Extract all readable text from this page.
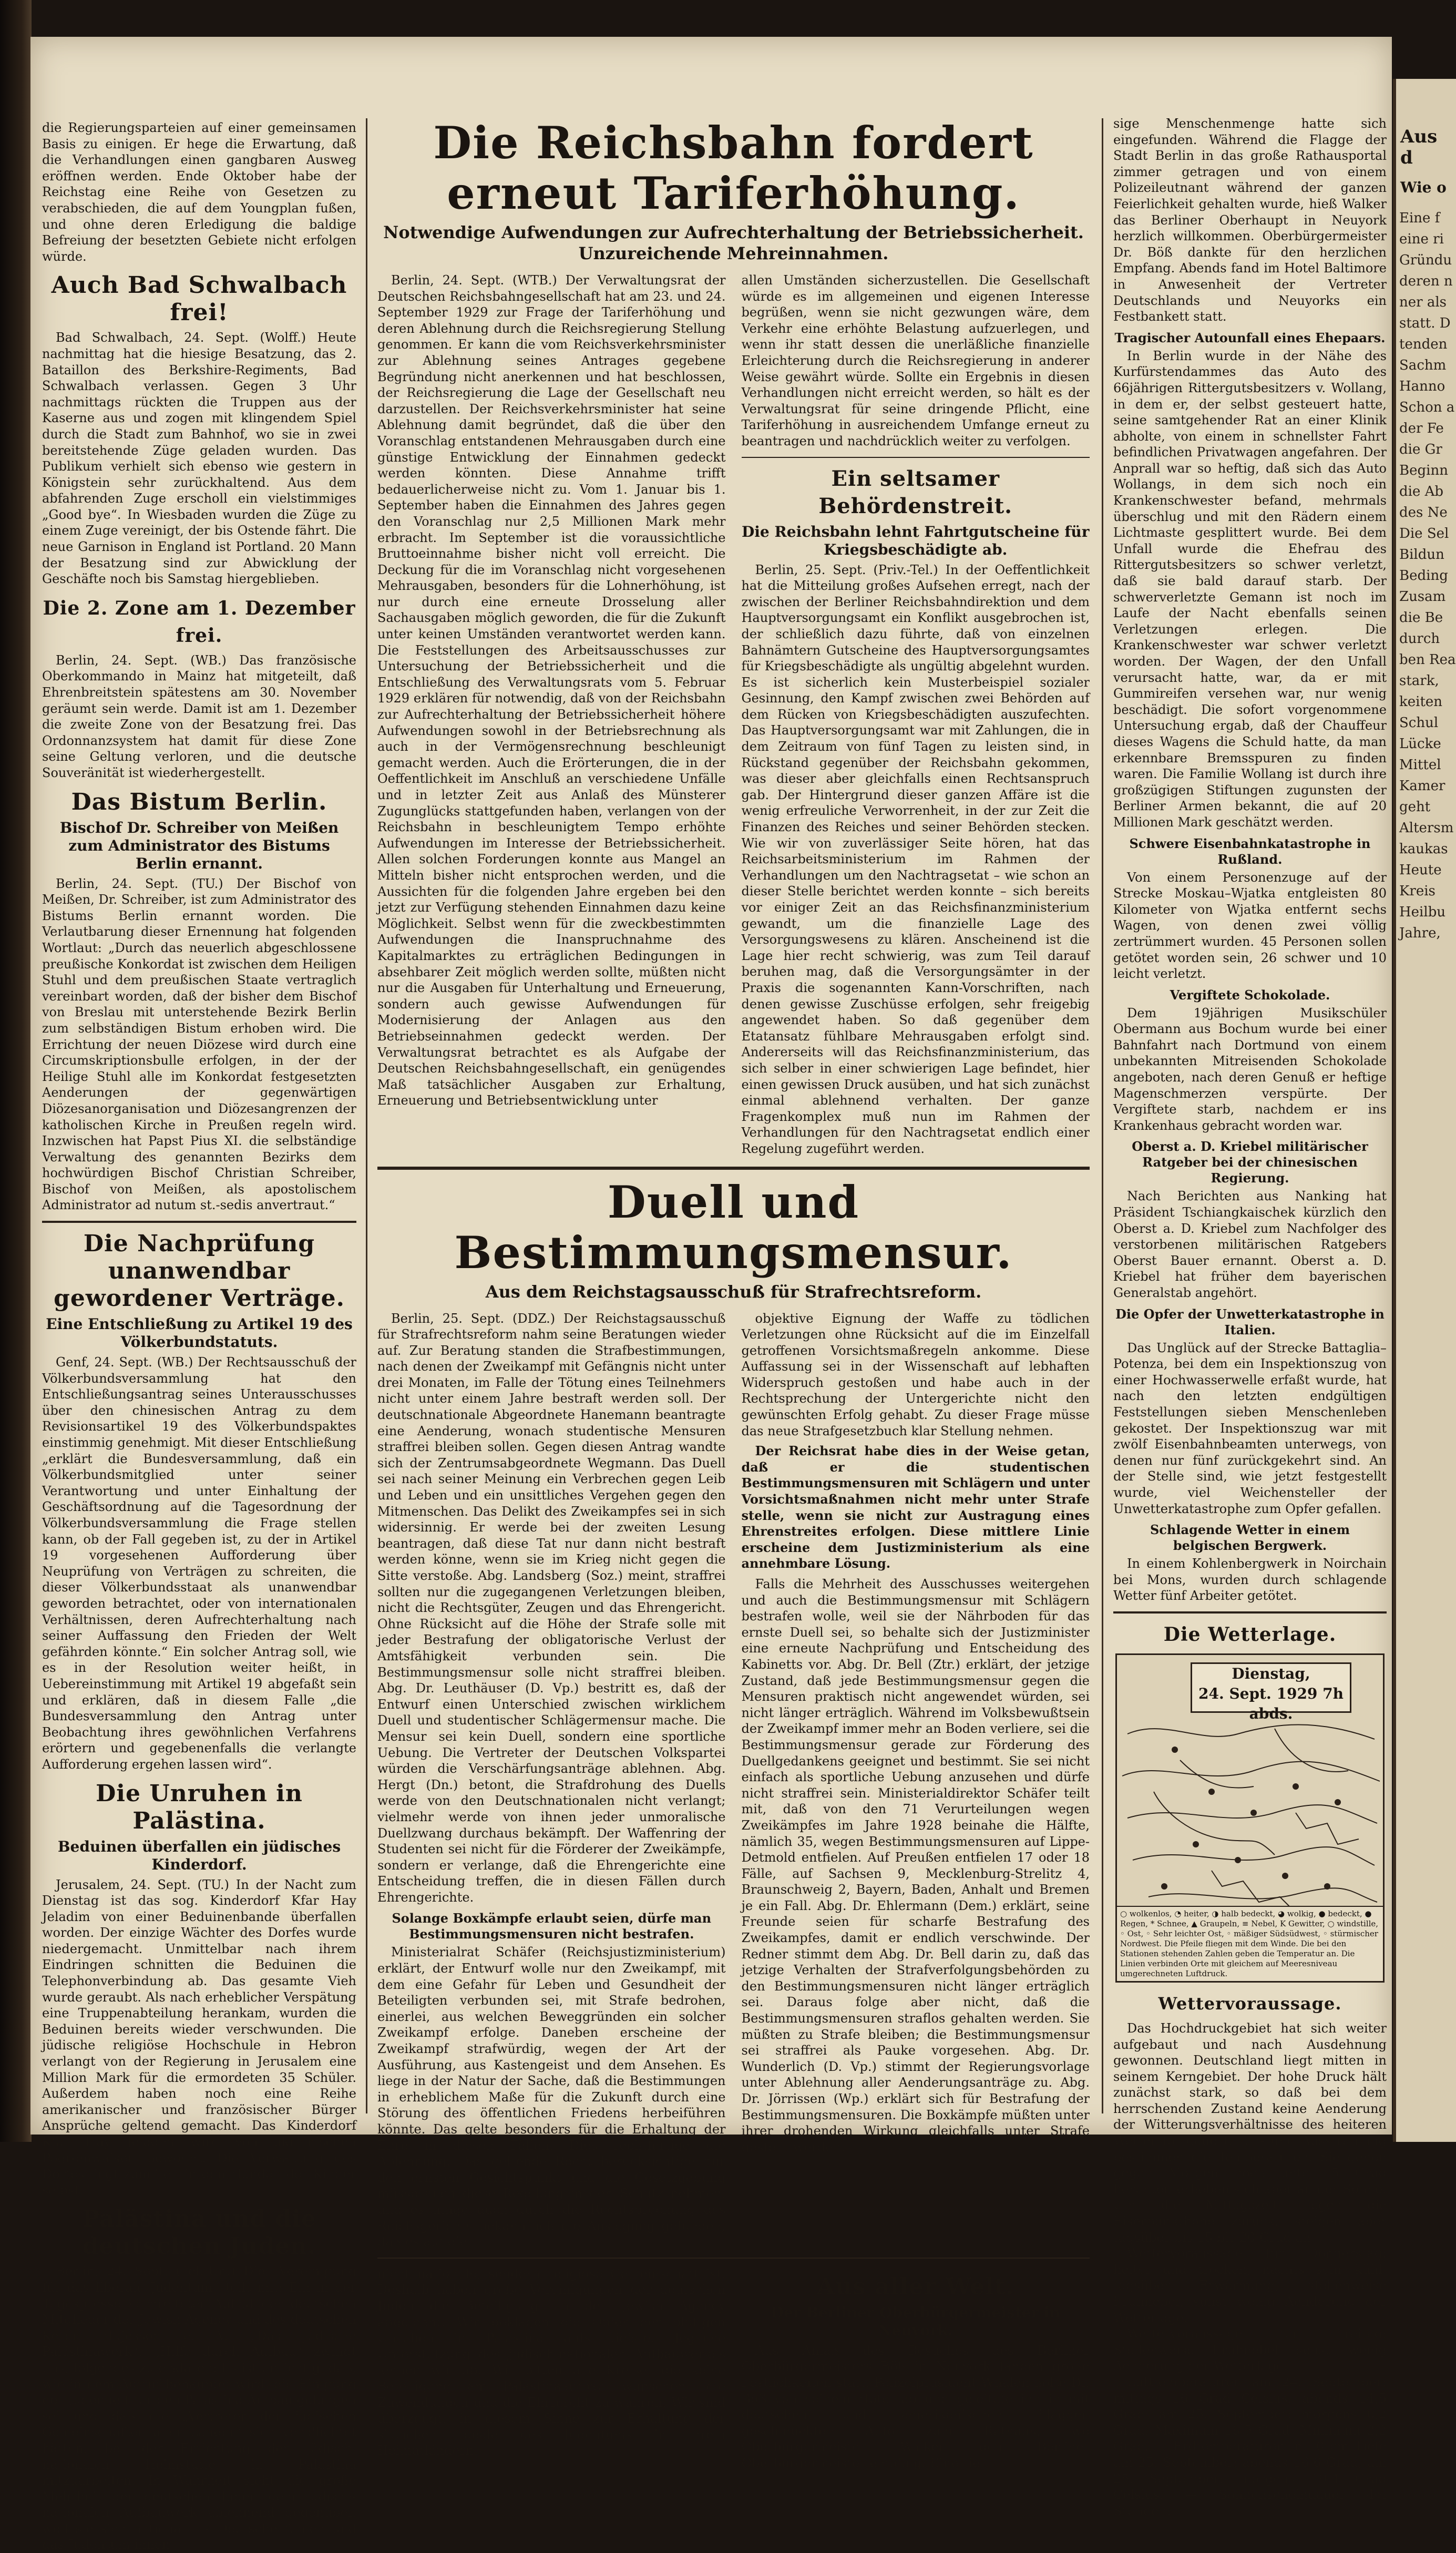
die Regierungsparteien auf einer gemeinsamen Basis zu einigen. Er hege die Erwartung, daß die Verhandlungen einen gangbaren Ausweg eröffnen werden. Ende Oktober habe der Reichstag eine Reihe von Gesetzen zu verabschieden, die auf dem Youngplan fußen, und ohne deren Erledigung die baldige Befreiung der besetzten Gebiete nicht erfolgen würde.

Auch Bad Schwalbach frei!

Bad Schwalbach, 24. Sept. (Wolff.) Heute nachmittag hat die hiesige Besatzung, das 2. Bataillon des Berkshire-Regiments, Bad Schwalbach verlassen. Gegen 3 Uhr nachmittags rückten die Truppen aus der Kaserne aus und zogen mit klingendem Spiel durch die Stadt zum Bahnhof, wo sie in zwei bereitstehende Züge geladen wurden. Das Publikum verhielt sich ebenso wie gestern in Königstein sehr zurückhaltend. Aus dem abfahrenden Zuge erscholl ein vielstimmiges „Good bye“. In Wiesbaden wurden die Züge zu einem Zuge vereinigt, der bis Ostende fährt. Die neue Garnison in England ist Portland. 20 Mann der Besatzung sind zur Abwicklung der Geschäfte noch bis Samstag hiergeblieben.

Die 2. Zone am 1. Dezember frei.

Berlin, 24. Sept. (WB.) Das französische Oberkommando in Mainz hat mitgeteilt, daß Ehrenbreitstein spätestens am 30. November geräumt sein werde. Damit ist am 1. Dezember die zweite Zone von der Besatzung frei. Das Ordonnanzsystem hat damit für diese Zone seine Geltung verloren, und die deutsche Souveränität ist wiederhergestellt.

Das Bistum Berlin.
Bischof Dr. Schreiber von Meißen zum Administrator des Bistums Berlin ernannt.

Berlin, 24. Sept. (TU.) Der Bischof von Meißen, Dr. Schreiber, ist zum Administrator des Bistums Berlin ernannt worden. Die Verlautbarung dieser Ernennung hat folgenden Wortlaut: „Durch das neuerlich abgeschlossene preußische Konkordat ist zwischen dem Heiligen Stuhl und dem preußischen Staate vertraglich vereinbart worden, daß der bisher dem Bischof von Breslau mit unterstehende Bezirk Berlin zum selbständigen Bistum erhoben wird. Die Errichtung der neuen Diözese wird durch eine Circumskriptionsbulle erfolgen, in der der Heilige Stuhl alle im Konkordat festgesetzten Aenderungen der gegenwärtigen Diözesanorganisation und Diözesangrenzen der katholischen Kirche in Preußen regeln wird. Inzwischen hat Papst Pius XI. die selbständige Verwaltung des genannten Bezirks dem hochwürdigen Bischof Christian Schreiber, Bischof von Meißen, als apostolischem Administrator ad nutum st.-sedis anvertraut.“

Die Nachprüfung unanwendbar gewordener Verträge.
Eine Entschließung zu Artikel 19 des Völkerbundstatuts.

Genf, 24. Sept. (WB.) Der Rechtsausschuß der Völkerbundsversammlung hat den Entschließungsantrag seines Unterausschusses über den chinesischen Antrag zu dem Revisionsartikel 19 des Völkerbundspaktes einstimmig genehmigt. Mit dieser Entschließung „erklärt die Bundesversammlung, daß ein Völkerbundsmitglied unter seiner Verantwortung und unter Einhaltung der Geschäftsordnung auf die Tagesordnung der Völkerbundsversammlung die Frage stellen kann, ob der Fall gegeben ist, zu der in Artikel 19 vorgesehenen Aufforderung über Neuprüfung von Verträgen zu schreiten, die dieser Völkerbundsstaat als unanwendbar geworden betrachtet, oder von internationalen Verhältnissen, deren Aufrechterhaltung nach seiner Auffassung den Frieden der Welt gefährden könnte.“ Ein solcher Antrag soll, wie es in der Resolution weiter heißt, in Uebereinstimmung mit Artikel 19 abgefaßt sein und erklären, daß in diesem Falle „die Bundesversammlung den Antrag unter Beobachtung ihres gewöhnlichen Verfahrens erörtern und gegebenenfalls die verlangte Aufforderung ergehen lassen wird“.

Die Unruhen in Palästina.
Beduinen überfallen ein jüdisches Kinderdorf.

Jerusalem, 24. Sept. (TU.) In der Nacht zum Dienstag ist das sog. Kinderdorf Kfar Hay Jeladim von einer Beduinenbande überfallen worden. Der einzige Wächter des Dorfes wurde niedergemacht. Unmittelbar nach ihrem Eindringen schnitten die Beduinen die Telephonverbindung ab. Das gesamte Vieh wurde geraubt. Als nach erheblicher Verspätung eine Truppenabteilung herankam, wurden die Beduinen bereits wieder verschwunden. Die jüdische religiöse Hochschule in Hebron verlangt von der Regierung in Jerusalem eine Million Mark für die ermordeten 35 Schüler. Außerdem haben noch eine Reihe amerikanischer und französischer Bürger Ansprüche geltend gemacht. Das Kinderdorf Kfar Hay Jeladim wird von ukrainischen Pogromwaisen bewohnt. Die Verwaltung des Dorfes liegt zum Teil in den Händen der Kinder selbst.

Palästina und die deutschen Juden.

Berlin, 24. Sept. (Tel.-Un.) Die „Vereinigung für das liberale Judentum“ teilt mit: Ein in der Tagespresse verbreiteter Aufruf der deutschen Mitglieder der Jewish Agency und des deutschen Keren Hajessod e. V. „Das jüdische Palästinawerk“, „Hilfe durch Aufbau“ zwingt uns, folgendes zu erklären: Es ist unrichtig, daß, wie in dem Aufruf behauptet wird, die Einigung der Judenheit für den Palästina-Aufbau gelungen sei und daß die „Vertreter der jüdischen Gemeinschaften aller Länder“ sich verpflichtet hätten, bei der Errichtung der jüdisch-nationalen Heimstätte in Palästina mitzuarbeiten. In Wahrheit sieht die große Mehrheit der deutschen Juden dem jüdisch-nationalen Aufbauwerk ablehnend gegenüber, weil sie sich national als Deutsche fühlen und das Judentum ihnen

Die Reichsbahn fordert erneut Tariferhöhung.

Notwendige Aufwendungen zur Aufrechterhaltung der Betriebssicherheit.

Unzureichende Mehreinnahmen.

Berlin, 24. Sept. (WTB.) Der Verwaltungsrat der Deutschen Reichsbahngesellschaft hat am 23. und 24. September 1929 zur Frage der Tariferhöhung und deren Ablehnung durch die Reichsregierung Stellung genommen. Er kann die vom Reichsverkehrsminister zur Ablehnung seines Antrages gegebene Begründung nicht anerkennen und hat beschlossen, der Reichsregierung die Lage der Gesellschaft neu darzustellen. Der Reichsverkehrsminister hat seine Ablehnung damit begründet, daß die über den Voranschlag entstandenen Mehrausgaben durch eine günstige Entwicklung der Einnahmen gedeckt werden könnten. Diese Annahme trifft bedauerlicherweise nicht zu. Vom 1. Januar bis 1. September haben die Einnahmen des Jahres gegen den Voranschlag nur 2,5 Millionen Mark mehr erbracht. Im September ist die voraussichtliche Bruttoeinnahme bisher nicht voll erreicht. Die Deckung für die im Voranschlag nicht vorgesehenen Mehrausgaben, besonders für die Lohnerhöhung, ist nur durch eine erneute Drosselung aller Sachausgaben möglich geworden, die für die Zukunft unter keinen Umständen verantwortet werden kann. Die Feststellungen des Arbeitsausschusses zur Untersuchung der Betriebssicherheit und die Entschließung des Verwaltungsrats vom 5. Februar 1929 erklären für notwendig, daß von der Reichsbahn zur Aufrechterhaltung der Betriebssicherheit höhere Aufwendungen sowohl in der Betriebsrechnung als auch in der Vermögensrechnung beschleunigt gemacht werden. Auch die Erörterungen, die in der Oeffentlichkeit im Anschluß an verschiedene Unfälle und in letzter Zeit aus Anlaß des Münsterer Zugunglücks stattgefunden haben, verlangen von der Reichsbahn in beschleunigtem Tempo erhöhte Aufwendungen im Interesse der Betriebssicherheit. Allen solchen Forderungen konnte aus Mangel an Mitteln bisher nicht entsprochen werden, und die Aussichten für die folgenden Jahre ergeben bei den jetzt zur Verfügung stehenden Einnahmen dazu keine Möglichkeit. Selbst wenn für die zweckbestimmten Aufwendungen die Inanspruchnahme des Kapitalmarktes zu erträglichen Bedingungen in absehbarer Zeit möglich werden sollte, müßten nicht nur die Ausgaben für Unterhaltung und Erneuerung, sondern auch gewisse Aufwendungen für Modernisierung der Anlagen aus den Betriebseinnahmen gedeckt werden. Der Verwaltungsrat betrachtet es als Aufgabe der Deutschen Reichsbahngesellschaft, ein genügendes Maß tatsächlicher Ausgaben zur Erhaltung, Erneuerung und Betriebsentwicklung unter

allen Umständen sicherzustellen. Die Gesellschaft würde es im allgemeinen und eigenen Interesse begrüßen, wenn sie nicht gezwungen wäre, dem Verkehr eine erhöhte Belastung aufzuerlegen, und wenn ihr statt dessen die unerläßliche finanzielle Erleichterung durch die Reichsregierung in anderer Weise gewährt würde. Sollte ein Ergebnis in diesen Verhandlungen nicht erreicht werden, so hält es der Verwaltungsrat für seine dringende Pflicht, eine Tariferhöhung in ausreichendem Umfange erneut zu beantragen und nachdrücklich weiter zu verfolgen.

Ein seltsamer Behördenstreit.
Die Reichsbahn lehnt Fahrtgutscheine für Kriegsbeschädigte ab.

Berlin, 25. Sept. (Priv.-Tel.) In der Oeffentlichkeit hat die Mitteilung großes Aufsehen erregt, nach der zwischen der Berliner Reichsbahndirektion und dem Hauptversorgungsamt ein Konflikt ausgebrochen ist, der schließlich dazu führte, daß von einzelnen Bahnämtern Gutscheine des Hauptversorgungsamtes für Kriegsbeschädigte als ungültig abgelehnt wurden. Es ist sicherlich kein Musterbeispiel sozialer Gesinnung, den Kampf zwischen zwei Behörden auf dem Rücken von Kriegsbeschädigten auszufechten. Das Hauptversorgungsamt war mit Zahlungen, die in dem Zeitraum von fünf Tagen zu leisten sind, in Rückstand gegenüber der Reichsbahn gekommen, was dieser aber gleichfalls einen Rechtsanspruch gab. Der Hintergrund dieser ganzen Affäre ist die wenig erfreuliche Verworrenheit, in der zur Zeit die Finanzen des Reiches und seiner Behörden stecken. Wie wir von zuverlässiger Seite hören, hat das Reichsarbeitsministerium im Rahmen der Verhandlungen um den Nachtragsetat – wie schon an dieser Stelle berichtet werden konnte – sich bereits vor einiger Zeit an das Reichsfinanzministerium gewandt, um die finanzielle Lage des Versorgungswesens zu klären. Anscheinend ist die Lage hier recht schwierig, was zum Teil darauf beruhen mag, daß die Versorgungsämter in der Praxis die sogenannten Kann-Vorschriften, nach denen gewisse Zuschüsse erfolgen, sehr freigebig angewendet haben. So daß gegenüber dem Etatansatz fühlbare Mehrausgaben erfolgt sind. Andererseits will das Reichsfinanzministerium, das sich selber in einer schwierigen Lage befindet, hier einen gewissen Druck ausüben, und hat sich zunächst einmal ablehnend verhalten. Der ganze Fragenkomplex muß nun im Rahmen der Verhandlungen für den Nachtragsetat endlich einer Regelung zugeführt werden.

Duell und Bestimmungsmensur.

Aus dem Reichstagsausschuß für Strafrechtsreform.

Berlin, 25. Sept. (DDZ.) Der Reichstagsausschuß für Strafrechtsreform nahm seine Beratungen wieder auf. Zur Beratung standen die Strafbestimmungen, nach denen der Zweikampf mit Gefängnis nicht unter drei Monaten, im Falle der Tötung eines Teilnehmers nicht unter einem Jahre bestraft werden soll. Der deutschnationale Abgeordnete Hanemann beantragte eine Aenderung, wonach studentische Mensuren straffrei bleiben sollen. Gegen diesen Antrag wandte sich der Zentrumsabgeordnete Wegmann. Das Duell sei nach seiner Meinung ein Verbrechen gegen Leib und Leben und ein unsittliches Vergehen gegen den Mitmenschen. Das Delikt des Zweikampfes sei in sich widersinnig. Er werde bei der zweiten Lesung beantragen, daß diese Tat nur dann nicht bestraft werden könne, wenn sie im Krieg nicht gegen die Sitte verstoße. Abg. Landsberg (Soz.) meint, straffrei sollten nur die zugegangenen Verletzungen bleiben, nicht die Rechtsgüter, Zeugen und das Ehrengericht. Ohne Rücksicht auf die Höhe der Strafe solle mit jeder Bestrafung der obligatorische Verlust der Amtsfähigkeit verbunden sein. Die Bestimmungsmensur solle nicht straffrei bleiben. Abg. Dr. Leuthäuser (D. Vp.) bestritt es, daß der Entwurf einen Unterschied zwischen wirklichem Duell und studentischer Schlägermensur mache. Die Mensur sei kein Duell, sondern eine sportliche Uebung. Die Vertreter der Deutschen Volkspartei würden die Verschärfungsanträge ablehnen. Abg. Hergt (Dn.) betont, die Strafdrohung des Duells werde von den Deutschnationalen nicht verlangt; vielmehr werde von ihnen jeder unmoralische Duellzwang durchaus bekämpft. Der Waffenring der Studenten sei nicht für die Förderer der Zweikämpfe, sondern er verlange, daß die Ehrengerichte eine Entscheidung treffen, die in diesen Fällen durch Ehrengerichte.

Solange Boxkämpfe erlaubt seien, dürfe man Bestimmungsmensuren nicht bestrafen.

Ministerialrat Schäfer (Reichsjustizministerium) erklärt, der Entwurf wolle nur den Zweikampf, mit dem eine Gefahr für Leben und Gesundheit der Beteiligten verbunden sei, mit Strafe bedrohen, einerlei, aus welchen Beweggründen ein solcher Zweikampf erfolge. Daneben erscheine der Zweikampf strafwürdig, wegen der Art der Ausführung, aus Kastengeist und dem Ansehen. Es liege in der Natur der Sache, daß die Bestimmungen in erheblichem Maße für die Zukunft durch eine Störung des öffentlichen Friedens herbeiführen könnte. Das gelte besonders für die Erhaltung der Ehre in diesen Fällen. Dies rechtfertige die Ablehnung. Das geltende Recht berücksichtige nur den ernsten Gesichtspunkt und die Gesetzgebung müsse auch diese Regelung in den Schutz nehmen, und es hinge auch durch die Rechtsprechung des Reichsgerichts bekanntlich die Auslegung gefunden, daß es auf die

objektive Eignung der Waffe zu tödlichen Verletzungen ohne Rücksicht auf die im Einzelfall getroffenen Vorsichtsmaßregeln ankomme. Diese Auffassung sei in der Wissenschaft auf lebhaften Widerspruch gestoßen und habe auch in der Rechtsprechung der Untergerichte nicht den gewünschten Erfolg gehabt. Zu dieser Frage müsse das neue Strafgesetzbuch klar Stellung nehmen.

Der Reichsrat habe dies in der Weise getan, daß er die studentischen Bestimmungsmensuren mit Schlägern und unter Vorsichtsmaßnahmen nicht mehr unter Strafe stelle, wenn sie nicht zur Austragung eines Ehrenstreites erfolgen. Diese mittlere Linie erscheine dem Justizministerium als eine annehmbare Lösung.

Falls die Mehrheit des Ausschusses weitergehen und auch die Bestimmungsmensur mit Schlägern bestrafen wolle, weil sie der Nährboden für das ernste Duell sei, so behalte sich der Justizminister eine erneute Nachprüfung und Entscheidung des Kabinetts vor. Abg. Dr. Bell (Ztr.) erklärt, der jetzige Zustand, daß jede Bestimmungsmensur gegen die Mensuren praktisch nicht angewendet würden, sei nicht länger erträglich. Während im Volksbewußtsein der Zweikampf immer mehr an Boden verliere, sei die Bestimmungsmensur gerade zur Förderung des Duellgedankens geeignet und bestimmt. Sie sei nicht einfach als sportliche Uebung anzusehen und dürfe nicht straffrei sein. Ministerialdirektor Schäfer teilt mit, daß von den 71 Verurteilungen wegen Zweikämpfes im Jahre 1928 beinahe die Hälfte, nämlich 35, wegen Bestimmungsmensuren auf Lippe-Detmold entfielen. Auf Preußen entfielen 17 oder 18 Fälle, auf Sachsen 9, Mecklenburg-Strelitz 4, Braunschweig 2, Bayern, Baden, Anhalt und Bremen je ein Fall. Abg. Dr. Ehlermann (Dem.) erklärt, seine Freunde seien für scharfe Bestrafung des Zweikampfes, damit er endlich verschwinde. Der Redner stimmt dem Abg. Dr. Bell darin zu, daß das jetzige Verhalten der Strafverfolgungsbehörden zu den Bestimmungsmensuren nicht länger erträglich sei. Daraus folge aber nicht, daß die Bestimmungsmensuren straflos gehalten werden. Sie müßten zu Strafe bleiben; die Bestimmungsmensur sei straffrei als Pauke vorgesehen. Abg. Dr. Wunderlich (D. Vp.) stimmt der Regierungsvorlage unter Ablehnung aller Aenderungsanträge zu. Abg. Dr. Jörrissen (Wp.) erklärt sich für Bestrafung der Bestimmungsmensuren. Die Boxkämpfe müßten unter ihrer drohenden Wirkung gleichfalls unter Strafe gestellt werden.

nicht nationale, sondern religiöse Gemeinschaft ist. Deshalb haben große Vereinigungen der deutschen Juden die Beteiligung an der Jewish Agency abgelehnt. Wir beklagen die Opfer der blutigen Unruhen in Palästina aufs tiefste. Jegliche Unterstützung des jüdisch-nationalen Aufbauwerkes lehnen wir ab. Wir bitten alle Kreise, die keine Beteiligung am Palästinaaufbau wünschen, die Zuwendungen und die Ehrfurcht zu wahren. Wir sind überzeugt, in diesem Sinne zur Erhaltung der sittlichen Ideale des Judentums in ihrem Heimatländern.

Aus aller Welt.
Der Berliner Oberbürgermeister in Neuyork.

Aus Anlaß des Besuches des Berliner Oberbürgermeisters Böß in Neuyork fanden große Festlichkeiten statt. Polizeipräsident Whalen holte Dr. Böß von seinem Hotel ab und geleitete ihn in mit deutschen und amerikanischen Flaggen geschmückten Auto zum Rathaus, wo Oberbürgermeister Walker den Berliner Oberbürgermeister empfing. Eine rie-

sige Menschenmenge hatte sich eingefunden. Während die Flagge der Stadt Berlin in das große Rathausportal zimmer getragen und von einem Polizeileutnant während der ganzen Feierlichkeit gehalten wurde, hieß Walker das Berliner Oberhaupt in Neuyork herzlich willkommen. Oberbürgermeister Dr. Böß dankte für den herzlichen Empfang. Abends fand im Hotel Baltimore in Anwesenheit der Vertreter Deutschlands und Neuyorks ein Festbankett statt.

Tragischer Autounfall eines Ehepaars.

In Berlin wurde in der Nähe des Kurfürstendammes das Auto des 66jährigen Rittergutsbesitzers v. Wollang, in dem er, der selbst gesteuert hatte, seine samtgehender Rat an einer Klinik abholte, von einem in schnellster Fahrt befindlichen Privatwagen angefahren. Der Anprall war so heftig, daß sich das Auto Wollangs, in dem sich noch ein Krankenschwester befand, mehrmals überschlug und mit den Rädern einem Lichtmaste gesplittert wurde. Bei dem Unfall wurde die Ehefrau des Rittergutsbesitzers so schwer verletzt, daß sie bald darauf starb. Der schwerverletzte Gemann ist noch im Laufe der Nacht ebenfalls seinen Verletzungen erlegen. Die Krankenschwester war schwer verletzt worden. Der Wagen, der den Unfall verursacht hatte, war, da er mit Gummireifen versehen war, nur wenig beschädigt. Die sofort vorgenommene Untersuchung ergab, daß der Chauffeur dieses Wagens die Schuld hatte, da man erkennbare Bremsspuren zu finden waren. Die Familie Wollang ist durch ihre großzügigen Stiftungen zugunsten der Berliner Armen bekannt, die auf 20 Millionen Mark geschätzt werden.

Schwere Eisenbahnkatastrophe in Rußland.

Von einem Personenzuge auf der Strecke Moskau–Wjatka entgleisten 80 Kilometer von Wjatka entfernt sechs Wagen, von denen zwei völlig zertrümmert wurden. 45 Personen sollen getötet worden sein, 26 schwer und 10 leicht verletzt.

Vergiftete Schokolade.

Dem 19jährigen Musikschüler Obermann aus Bochum wurde bei einer Bahnfahrt nach Dortmund von einem unbekannten Mitreisenden Schokolade angeboten, nach deren Genuß er heftige Magenschmerzen verspürte. Der Vergiftete starb, nachdem er ins Krankenhaus gebracht worden war.

Oberst a. D. Kriebel militärischer Ratgeber bei der chinesischen Regierung.

Nach Berichten aus Nanking hat Präsident Tschiangkaischek kürzlich den Oberst a. D. Kriebel zum Nachfolger des verstorbenen militärischen Ratgebers Oberst Bauer ernannt. Oberst a. D. Kriebel hat früher dem bayerischen Generalstab angehört.

Die Opfer der Unwetterkatastrophe in Italien.

Das Unglück auf der Strecke Battaglia–Potenza, bei dem ein Inspektionszug von einer Hochwasserwelle erfaßt wurde, hat nach den letzten endgültigen Feststellungen sieben Menschenleben gekostet. Der Inspektionszug war mit zwölf Eisenbahnbeamten unterwegs, von denen nur fünf zurückgekehrt sind. An der Stelle sind, wie jetzt festgestellt wurde, viel Weichensteller der Unwetterkatastrophe zum Opfer gefallen.

Schlagende Wetter in einem belgischen Bergwerk.

In einem Kohlenbergwerk in Noirchain bei Mons, wurden durch schlagende Wetter fünf Arbeiter getötet.

Die Wetterlage.
Dienstag,
24. Sept. 1929 7h abds.
○ wolkenlos, ◔ heiter, ◑ halb bedeckt, ◕ wolkig, ● bedeckt, ● Regen, * Schnee, ▲ Graupeln, ≡ Nebel, K Gewitter, ○ windstille, ◦ Ost, ◦ Sehr leichter Ost, ◦ mäßiger Südsüdwest, ◦ stürmischer Nordwest. Die Pfeile fliegen mit dem Winde. Die bei den Stationen stehenden Zahlen geben die Temperatur an. Die Linien verbinden Orte mit gleichem auf Meeresniveau umgerechneten Luftdruck.
Wettervoraussage.

Das Hochdruckgebiet hat sich weiter aufgebaut und nach Ausdehnung gewonnen. Deutschland liegt mitten in seinem Kerngebiet. Der hohe Druck hält zunächst stark, so daß bei dem herrschenden Zustand keine Aenderung der Witterungsverhältnisse des heiteren Wetter fortdauert. Ein- und Ausstrahlung bestimmen die Temperaturen. Sie gehen gegen Morgen noch unter 5 Grad herunter, erheben sich aber an der Sonne. Um die Mittagszeit liegen die Eiserpunkthöhe zurück, steigen aber tagsüber bis 15 bis 20 Grad an.

Wettervoraussage für Donnerstag: heiter und trocken, nachts sehr kühl, tagsüber Erwärmung, stellenweise Frühnebel, sonst wenig Aenderung der Wetterlage.

Wettervoraussage für Freitag: Stellenweise Frühnebel sonst wenig Aenderung der Wetterlage.

Lufttemperaturen am 24. September: mittags 16 Grad Celsius, abends 14,5 Grad; am 25. September: morgens 6,2 Grad. Maximum 16,5 Grad, Minimum 2,2 Grad. — Erdtemperaturen in 10 cm Tiefe am 25. September: abends 16,6 Grad; am 25. September: morgens 10,4 Grad Celsius. — Sonnenscheindauer 4¾ Stunden.

Aus d
Wie o
Eine f
eine ri
Gründu
deren n
ner als
statt. D
tenden
Sachm
Hanno
Schon a
der Fe
die Gr
Beginn
die Ab
des Ne
Die Sel
Bildun
Beding
Zusam
die Be
durch
ben Rea
stark,
keiten
Schul
Lücke
Mittel
Kamer
geht
Altersm
kaukas
Heute
Kreis
Heilbu
Jahre,
